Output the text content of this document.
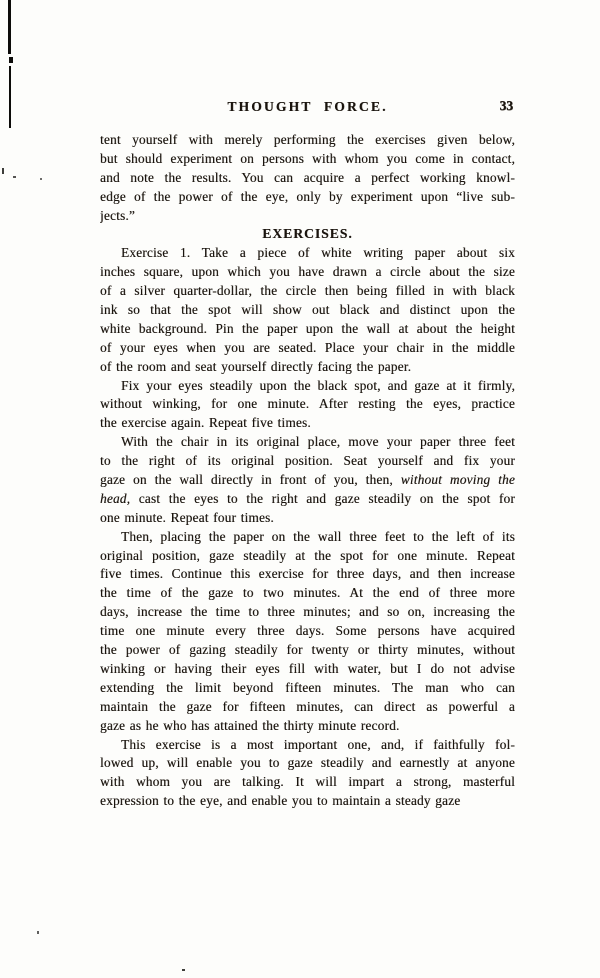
THOUGHT FORCE.	33
tent yourself with merely performing the exercises given below,
but should experiment on persons with whom you come in contact,
and note the results. You can acquire a perfect working knowl-
edge of the power of the eye, only by experiment upon “live sub-
jects.”
EXERCISES.
Exercise 1. Take a piece of white writing paper about six
inches square, upon which you have drawn a circle about the size
of a silver quarter-dollar, the circle then being filled in with black
ink so that the spot will show out black and distinct upon the
white background. Pin the paper upon the wall at about the height
of your eyes when you are seated. Place your chair in the middle
of the room and seat yourself directly facing the paper.
Fix your eyes steadily upon the black spot, and gaze at it firmly,
without winking, for one minute. After resting the eyes, practice
the exercise again. Repeat five times.
With the chair in its original place, move your paper three feet
to the right of its original position. Seat yourself and fix your
gaze on the wall directly in front of you, then, without moving the
head, cast the eyes to the right and gaze steadily on the spot for
one minute. Repeat four times.
Then, placing the paper on the wall three feet to the left of its
original position, gaze steadily at the spot for one minute. Repeat
five times. Continue this exercise for three days, and then increase
the time of the gaze to two minutes. At the end of three more
days, increase the time to three minutes; and so on, increasing the
time one minute every three days. Some persons have acquired
the power of gazing steadily for twenty or thirty minutes, without
winking or having their eyes fill with water, but I do not advise
extending the limit beyond fifteen minutes. The man who can
maintain the gaze for fifteen minutes, can direct as powerful a
gaze as he who has attained the thirty minute record.
This exercise is a most important one, and, if faithfully fol-
lowed up, will enable you to gaze steadily and earnestly at anyone
with whom you are talking. It will impart a strong, masterful
expression to the eye, and enable you to maintain a steady gaze
